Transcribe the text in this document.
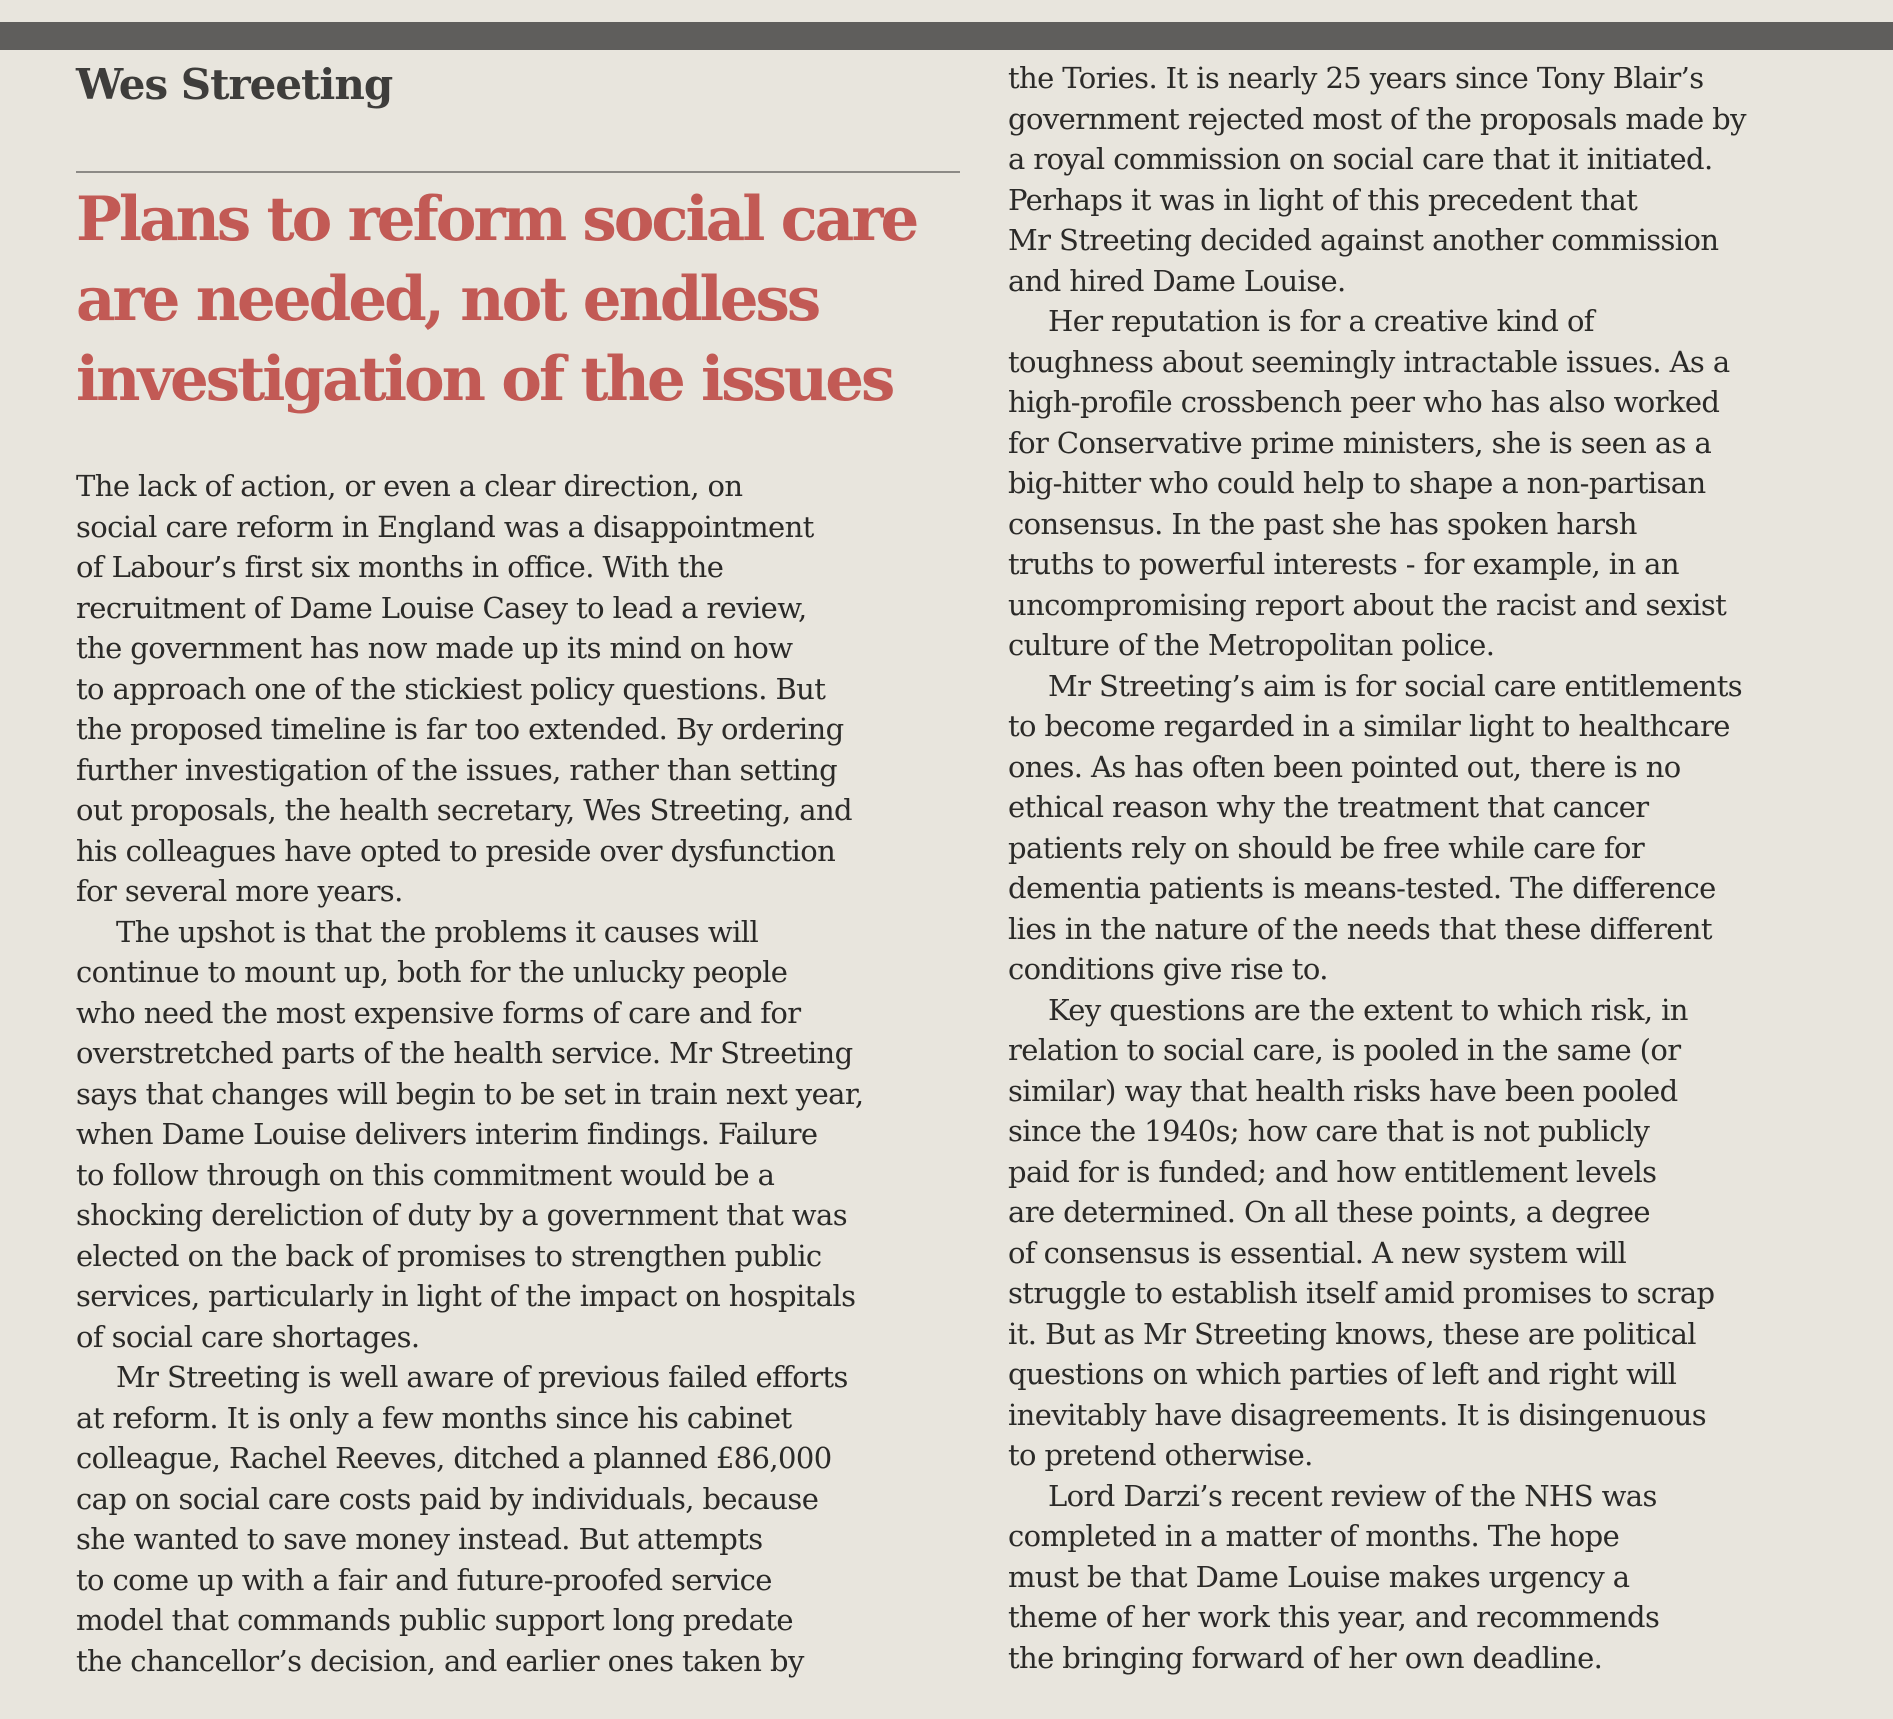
Wes Streeting
Plans to reform social care
are needed, not endless
investigation of the issues
The lack of action, or even a clear direction, on
social care reform in England was a disappointment
of Labour’s first six months in office. With the
recruitment of Dame Louise Casey to lead a review,
the government has now made up its mind on how
to approach one of the stickiest policy questions. But
the proposed timeline is far too extended. By ordering
further investigation of the issues, rather than setting
out proposals, the health secretary, Wes Streeting, and
his colleagues have opted to preside over dysfunction
for several more years.
The upshot is that the problems it causes will
continue to mount up, both for the unlucky people
who need the most expensive forms of care and for
overstretched parts of the health service. Mr Streeting
says that changes will begin to be set in train next year,
when Dame Louise delivers interim findings. Failure
to follow through on this commitment would be a
shocking dereliction of duty by a government that was
elected on the back of promises to strengthen public
services, particularly in light of the impact on hospitals
of social care shortages.
Mr Streeting is well aware of previous failed efforts
at reform. It is only a few months since his cabinet
colleague, Rachel Reeves, ditched a planned £86,000
cap on social care costs paid by individuals, because
she wanted to save money instead. But attempts
to come up with a fair and future-proofed service
model that commands public support long predate
the chancellor’s decision, and earlier ones taken by
the Tories. It is nearly 25 years since Tony Blair’s
government rejected most of the proposals made by
a royal commission on social care that it initiated.
Perhaps it was in light of this precedent that
Mr Streeting decided against another commission
and hired Dame Louise.
Her reputation is for a creative kind of
toughness about seemingly intractable issues. As a
high-profile crossbench peer who has also worked
for Conservative prime ministers, she is seen as a
big-hitter who could help to shape a non-partisan
consensus. In the past she has spoken harsh
truths to powerful interests - for example, in an
uncompromising report about the racist and sexist
culture of the Metropolitan police.
Mr Streeting’s aim is for social care entitlements
to become regarded in a similar light to healthcare
ones. As has often been pointed out, there is no
ethical reason why the treatment that cancer
patients rely on should be free while care for
dementia patients is means-tested. The difference
lies in the nature of the needs that these different
conditions give rise to.
Key questions are the extent to which risk, in
relation to social care, is pooled in the same (or
similar) way that health risks have been pooled
since the 1940s; how care that is not publicly
paid for is funded; and how entitlement levels
are determined. On all these points, a degree
of consensus is essential. A new system will
struggle to establish itself amid promises to scrap
it. But as Mr Streeting knows, these are political
questions on which parties of left and right will
inevitably have disagreements. It is disingenuous
to pretend otherwise.
Lord Darzi’s recent review of the NHS was
completed in a matter of months. The hope
must be that Dame Louise makes urgency a
theme of her work this year, and recommends
the bringing forward of her own deadline.
